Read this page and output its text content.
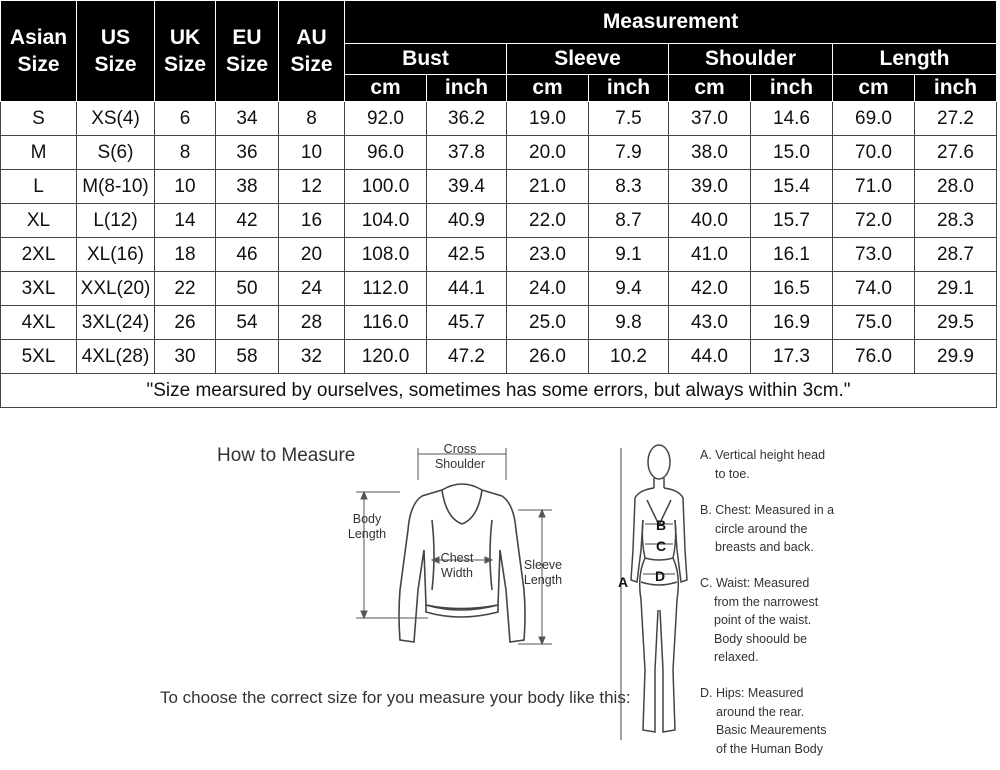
Asian Size	US Size	UK Size	EU Size	AU Size	Measurement							
					Bust		Sleeve		Shoulder		Length	
					cm	inch	cm	inch	cm	inch	cm	inch
S	XS(4)	6	34	8	92.0	36.2	19.0	7.5	37.0	14.6	69.0	27.2
M	S(6)	8	36	10	96.0	37.8	20.0	7.9	38.0	15.0	70.0	27.6
L	M(8-10)	10	38	12	100.0	39.4	21.0	8.3	39.0	15.4	71.0	28.0
XL	L(12)	14	42	16	104.0	40.9	22.0	8.7	40.0	15.7	72.0	28.3
2XL	XL(16)	18	46	20	108.0	42.5	23.0	9.1	41.0	16.1	73.0	28.7
3XL	XXL(20)	22	50	24	112.0	44.1	24.0	9.4	42.0	16.5	74.0	29.1
4XL	3XL(24)	26	54	28	116.0	45.7	25.0	9.8	43.0	16.9	75.0	29.5
5XL	4XL(28)	30	58	32	120.0	47.2	26.0	10.2	44.0	17.3	76.0	29.9
"Size mearsured by ourselves, sometimes has some errors, but always within 3cm."												
How to Measure
To choose the correct size for you measure your body like this:
Cross
Shoulder
Body
Length
Chest
Width
Sleeve
Length	A
B
C
D
A. Vertical height head
to toe.
B. Chest: Measured in a
circle around the
breasts and back.
C. Waist: Measured
from the narrowest
point of the waist.
Body shoould be
relaxed.
D. Hips: Measured
around the rear.
Basic Meaurements
of the Human Body
